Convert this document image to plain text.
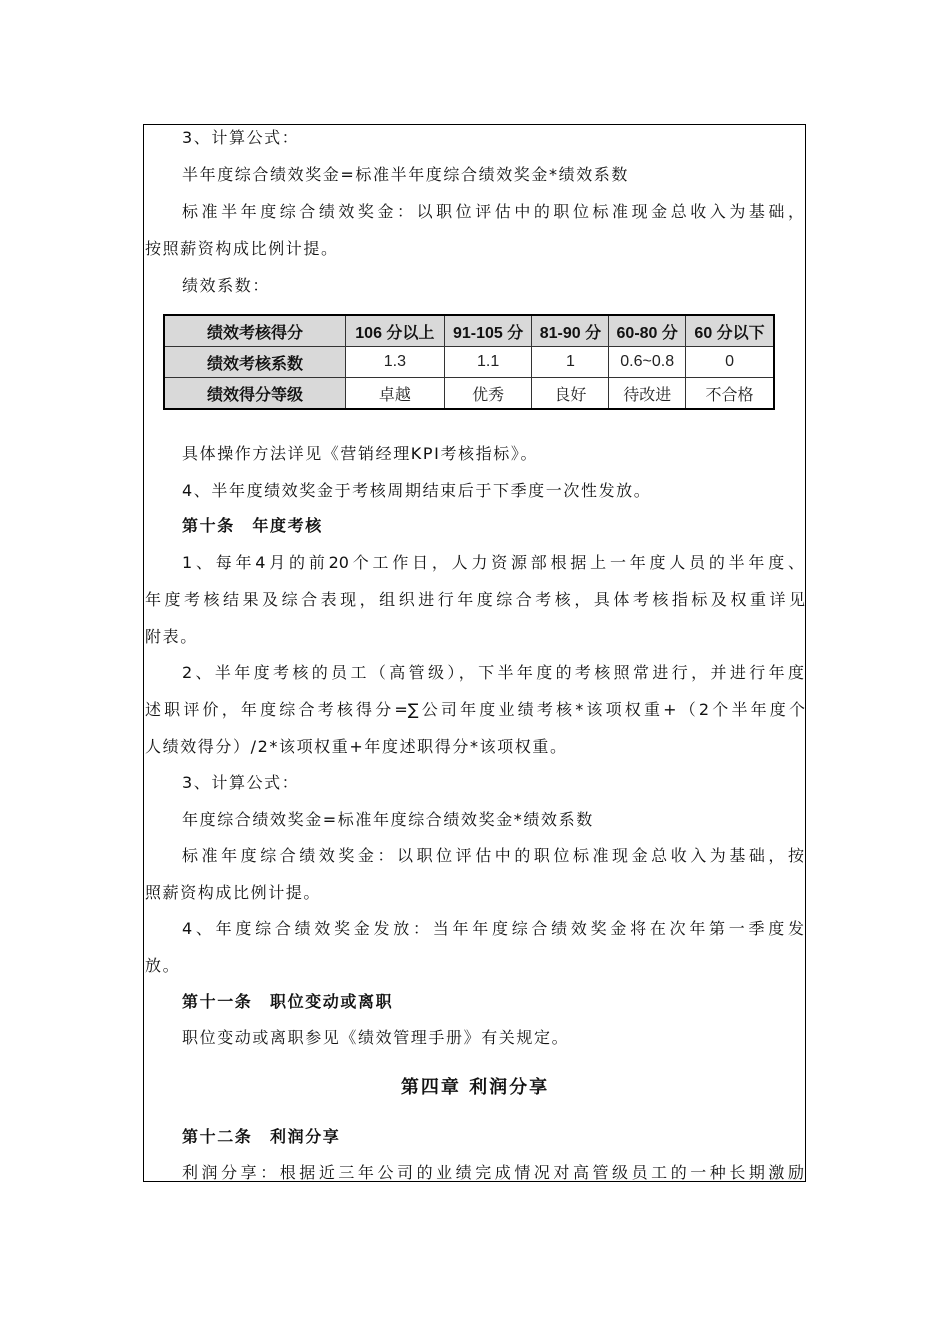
3、计算公式：
半年度综合绩效奖金=标准半年度综合绩效奖金*绩效系数
标准半年度综合绩效奖金：以职位评估中的职位标准现金总收入为基础，
按照薪资构成比例计提。
绩效系数：
绩效考核得分	106 分以上	91-105 分	81-90 分	60-80 分	60 分以下
绩效考核系数	1.3	1.1	1	0.6~0.8	0
绩效得分等级	卓越	优秀	良好	待改进	不合格
具体操作方法详见《营销经理KPI考核指标》。
4、半年度绩效奖金于考核周期结束后于下季度一次性发放。
第十条　年度考核
1、每年4月的前20个工作日，人力资源部根据上一年度人员的半年度、
年度考核结果及综合表现，组织进行年度综合考核，具体考核指标及权重详见
附表。
2、半年度考核的员工（高管级），下半年度的考核照常进行，并进行年度
述职评价，年度综合考核得分=∑公司年度业绩考核*该项权重+（2个半年度个
人绩效得分）/2*该项权重+年度述职得分*该项权重。
3、计算公式：
年度综合绩效奖金=标准年度综合绩效奖金*绩效系数
标准年度综合绩效奖金：以职位评估中的职位标准现金总收入为基础，按
照薪资构成比例计提。
4、年度综合绩效奖金发放：当年年度综合绩效奖金将在次年第一季度发
放。
第十一条　职位变动或离职
职位变动或离职参见《绩效管理手册》有关规定。
第四章 利润分享
第十二条　利润分享
利润分享：根据近三年公司的业绩完成情况对高管级员工的一种长期激励
